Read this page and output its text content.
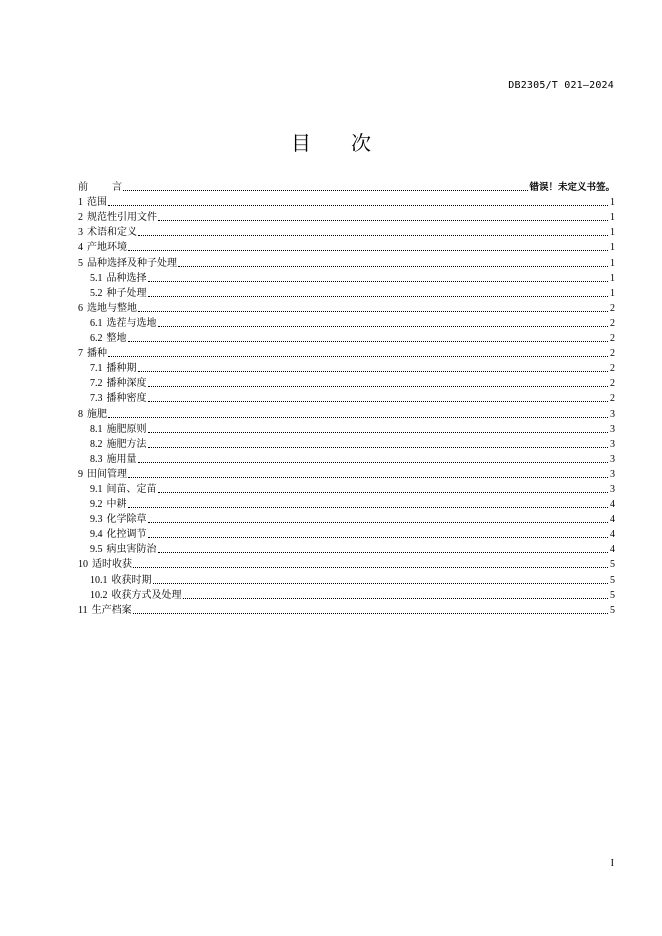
DB2305/T 021—2024
目 次
前言	错误！未定义书签。
1 范围	1
2 规范性引用文件	1
3 术语和定义	1
4 产地环境	1
5 品种选择及种子处理	1
5.1 品种选择	1
5.2 种子处理	1
6 选地与整地	2
6.1 选茬与选地	2
6.2 整地	2
7 播种	2
7.1 播种期	2
7.2 播种深度	2
7.3 播种密度	2
8 施肥	3
8.1 施肥原则	3
8.2 施肥方法	3
8.3 施用量	3
9 田间管理	3
9.1 间苗、定苗	3
9.2 中耕	4
9.3 化学除草	4
9.4 化控调节	4
9.5 病虫害防治	4
10 适时收获	5
10.1 收获时期	5
10.2 收获方式及处理	5
11 生产档案	5
I
